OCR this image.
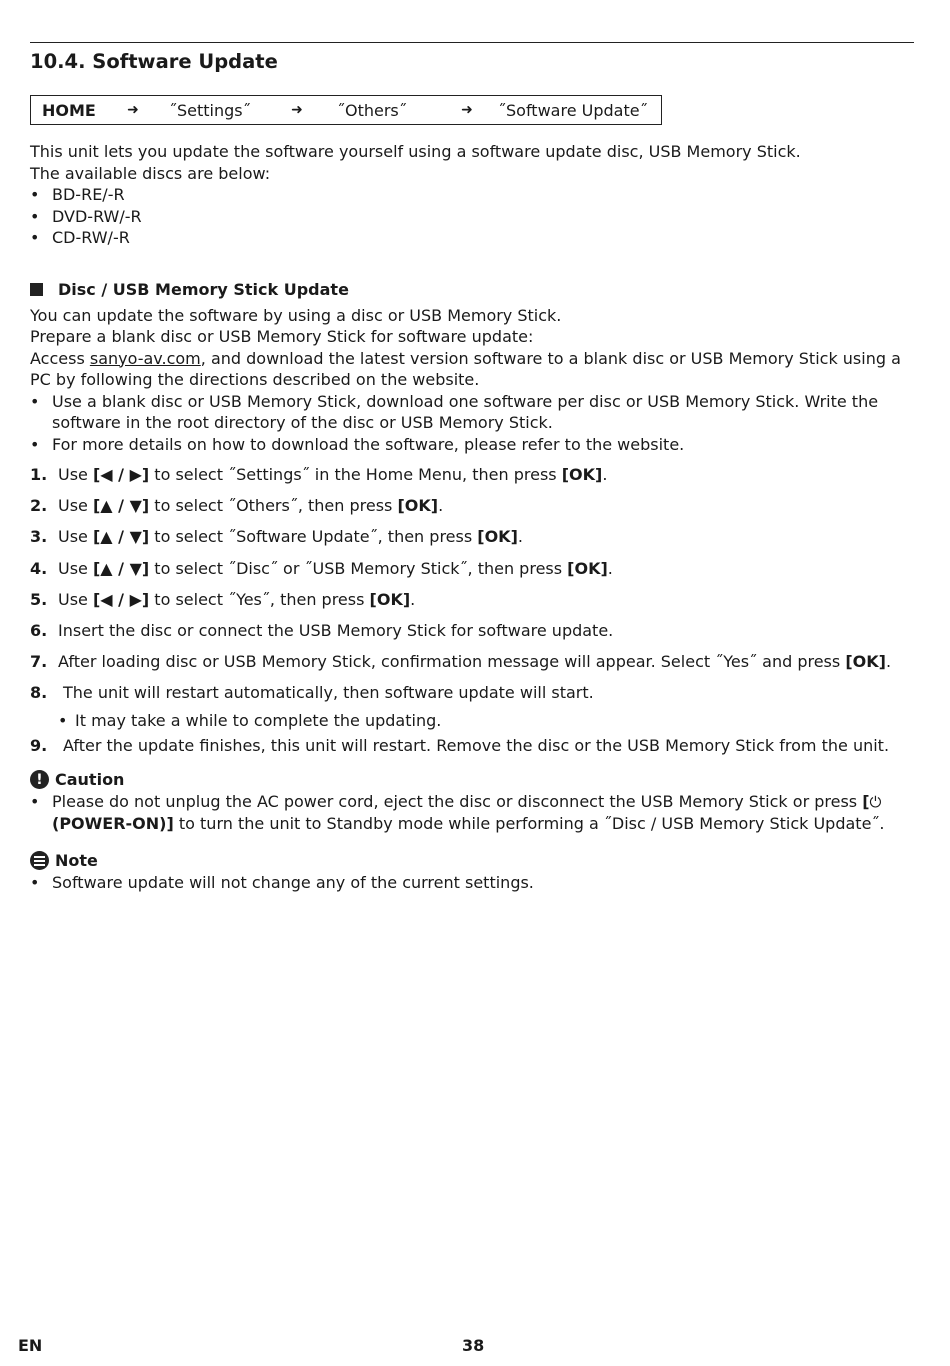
10.4. Software Update
HOME	➜	˝Settings˝	➜	˝Others˝	➜	˝Software Update˝

This unit lets you update the software yourself using a software update disc, USB Memory Stick.

The available discs are below:

• BD-RE/-R
• DVD-RW/-R
• CD-RW/-R
Disc / USB Memory Stick Update

You can update the software by using a disc or USB Memory Stick.

Prepare a blank disc or USB Memory Stick for software update:

Access sanyo-av.com, and download the latest version software to a blank disc or USB Memory Stick using a PC by following the directions described on the website.

• Use a blank disc or USB Memory Stick, download one software per disc or USB Memory Stick. Write the software in the root directory of the disc or USB Memory Stick.
• For more details on how to download the software, please refer to the website.
1. Use [◀ / ▶] to select ˝Settings˝ in the Home Menu, then press [OK].
2. Use [▲ / ▼] to select ˝Others˝, then press [OK].
3. Use [▲ / ▼] to select ˝Software Update˝, then press [OK].
4. Use [▲ / ▼] to select ˝Disc˝ or ˝USB Memory Stick˝, then press [OK].
5. Use [◀ / ▶] to select ˝Yes˝, then press [OK].
6. Insert the disc or connect the USB Memory Stick for software update.
7. After loading disc or USB Memory Stick, confirmation message will appear. Select ˝Yes˝ and press [OK].
8. The unit will restart automatically, then software update will start.
• It may take a while to complete the updating.
9. After the update finishes, this unit will restart. Remove the disc or the USB Memory Stick from the unit.
! Caution
• Please do not unplug the AC power cord, eject the disc or disconnect the USB Memory Stick or press [⏻
(POWER-ON)] to turn the unit to Standby mode while performing a ˝Disc / USB Memory Stick Update˝.
Note
• Software update will not change any of the current settings.
EN	38
